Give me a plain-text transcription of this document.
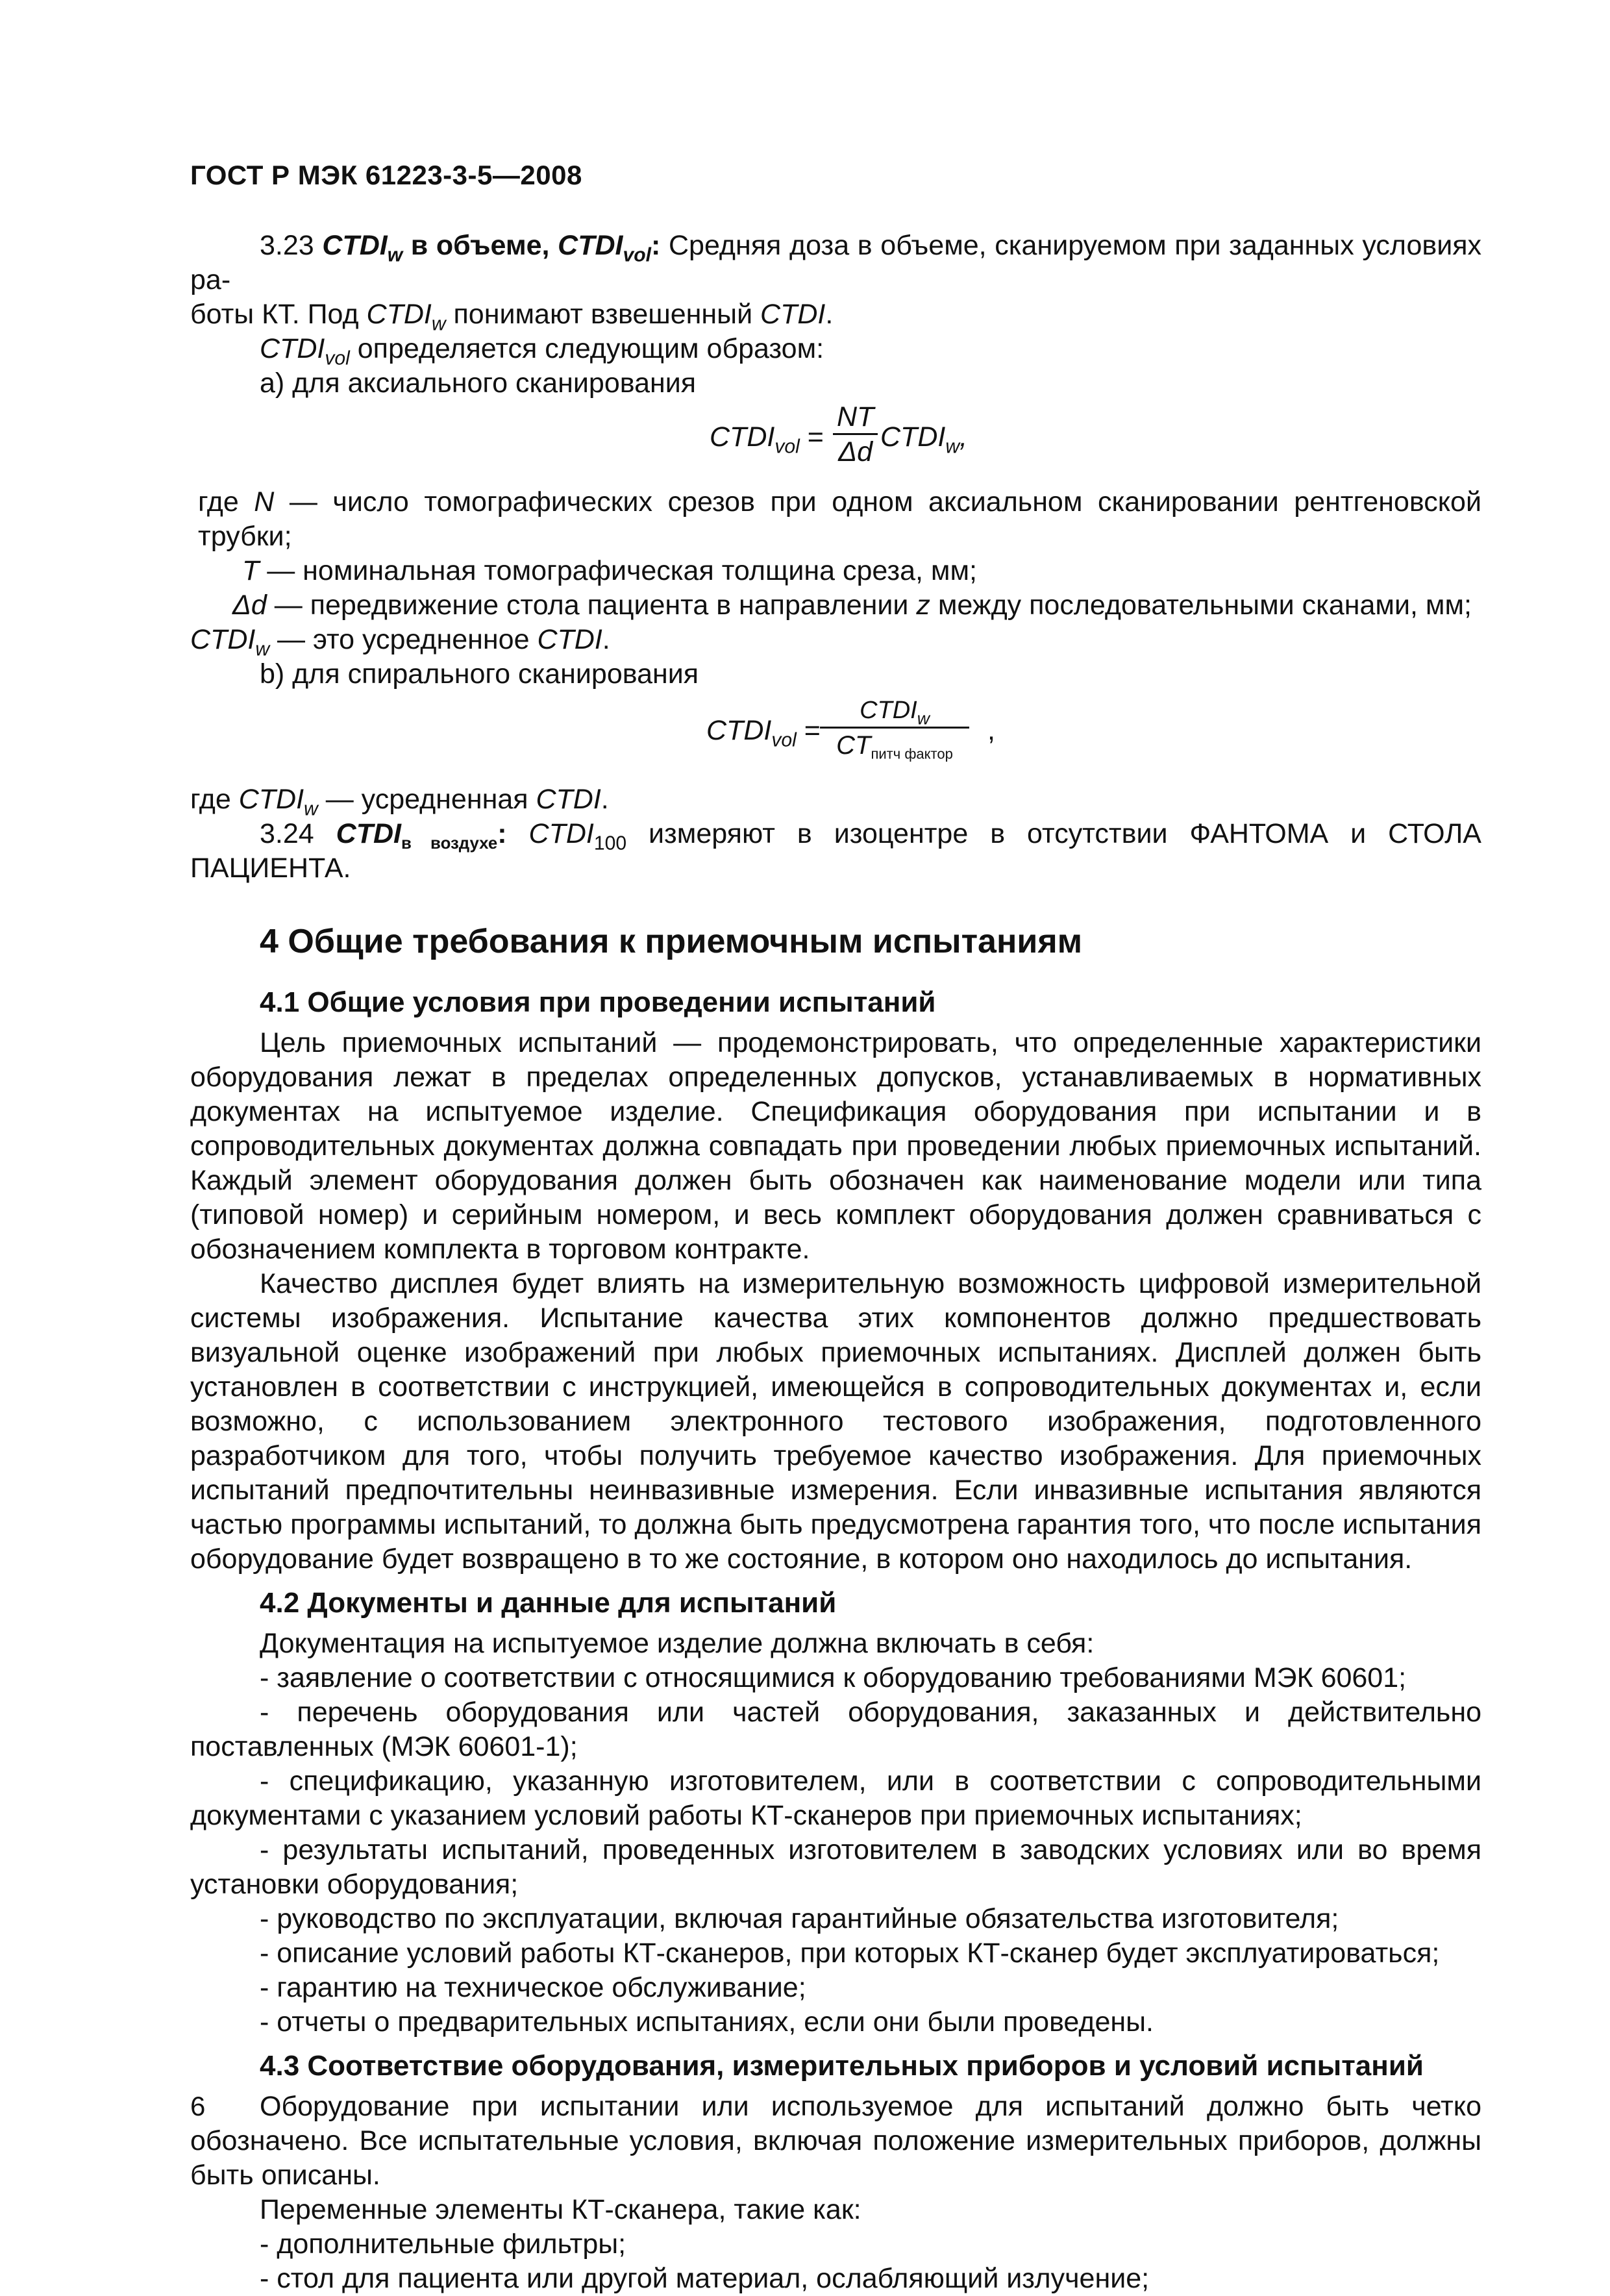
ГОСТ Р МЭК 61223-3-5—2008

3.23 $CTDI_w$ в объеме, $CTDI_{vol}$: Средняя доза в объеме, сканируемом при заданных условиях ра-

боты КТ. Под $CTDI_w$ понимают взвешенный CTDI.

$CTDI_{vol}$ определяется следующим образом:

а) для аксиального сканирования

$CTDI_{vol} = \frac{NT}{\Delta d}$ $CTDI_w$,

где N — число томографических срезов при одном аксиальном сканировании рентгеновской трубки;

T — номинальная томографическая толщина среза, мм;

Δd — передвижение стола пациента в направлении z между последовательными сканами, мм;

$CTDI_w$ — это усредненное CTDI.

b) для спирального сканирования

$CTDI_{vol}$ =
$CTDI_w$
$CT_{питч фактор}$
,

где $CTDI_w$ — усредненная CTDI.

3.24 $CTDI_{в воздухе}$: $CTDI_{100}$ измеряют в изоцентре в отсутствии ФАНТОМА и СТОЛА ПАЦИЕНТА.

4 Общие требования к приемочным испытаниям
4.1 Общие условия при проведении испытаний

Цель приемочных испытаний — продемонстрировать, что определенные характеристики оборудования лежат в пределах определенных допусков, устанавливаемых в нормативных документах на испытуемое изделие. Спецификация оборудования при испытании и в сопроводительных документах должна совпадать при проведении любых приемочных испытаний. Каждый элемент оборудования должен быть обозначен как наименование модели или типа (типовой номер) и серийным номером, и весь комплект оборудования должен сравниваться с обозначением комплекта в торговом контракте.

Качество дисплея будет влиять на измерительную возможность цифровой измерительной системы изображения. Испытание качества этих компонентов должно предшествовать визуальной оценке изображений при любых приемочных испытаниях. Дисплей должен быть установлен в соответствии с инструкцией, имеющейся в сопроводительных документах и, если возможно, с использованием электронного тестового изображения, подготовленного разработчиком для того, чтобы получить требуемое качество изображения. Для приемочных испытаний предпочтительны неинвазивные измерения. Если инвазивные испытания являются частью программы испытаний, то должна быть предусмотрена гарантия того, что после испытания оборудование будет возвращено в то же состояние, в котором оно находилось до испытания.

4.2 Документы и данные для испытаний

Документация на испытуемое изделие должна включать в себя:

- заявление о соответствии с относящимися к оборудованию требованиями МЭК 60601;

- перечень оборудования или частей оборудования, заказанных и действительно поставленных (МЭК 60601-1);

- спецификацию, указанную изготовителем, или в соответствии с сопроводительными документами с указанием условий работы КТ-сканеров при приемочных испытаниях;

- результаты испытаний, проведенных изготовителем в заводских условиях или во время установки оборудования;

- руководство по эксплуатации, включая гарантийные обязательства изготовителя;

- описание условий работы КТ-сканеров, при которых КТ-сканер будет эксплуатироваться;

- гарантию на техническое обслуживание;

- отчеты о предварительных испытаниях, если они были проведены.

4.3 Соответствие оборудования, измерительных приборов и условий испытаний

Оборудование при испытании или используемое для испытаний должно быть четко обозначено. Все испытательные условия, включая положение измерительных приборов, должны быть описаны.

Переменные элементы КТ-сканера, такие как:

- дополнительные фильтры;

- стол для пациента или другой материал, ослабляющий излучение;

6
